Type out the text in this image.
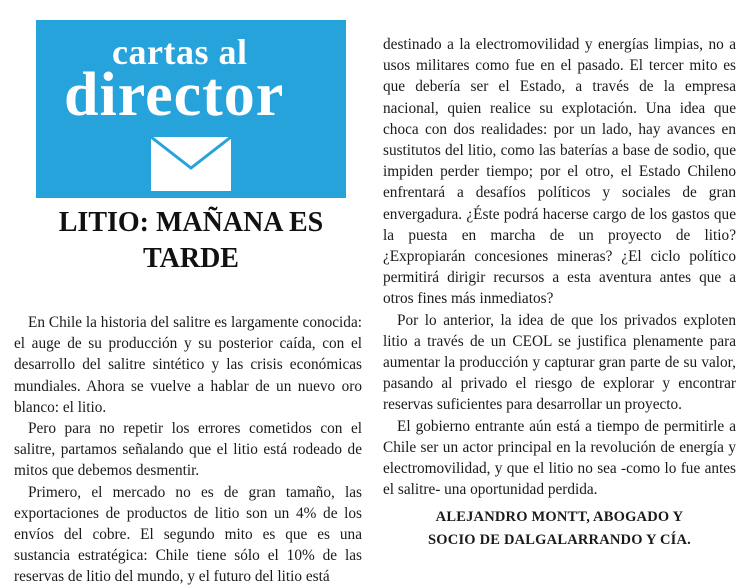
cartas al
director
LITIO: MAÑANA ES TARDE

En Chile la historia del salitre es largamente conocida: el auge de su producción y su posterior caída, con el desarrollo del salitre sintético y las crisis económicas mundiales. Ahora se vuelve a hablar de un nuevo oro blanco: el litio.

Pero para no repetir los errores cometidos con el salitre, partamos señalando que el litio está rodeado de mitos que debemos desmentir.

Primero, el mercado no es de gran tamaño, las exportaciones de productos de litio son un 4% de los envíos del cobre. El segundo mito es que es una sustancia estratégica: Chile tiene sólo el 10% de las reservas de litio del mundo, y el futuro del litio está

destinado a la electromovilidad y energías limpias, no a usos militares como fue en el pasado. El tercer mito es que debería ser el Estado, a través de la empresa nacional, quien realice su explotación. Una idea que choca con dos realidades: por un lado, hay avances en sustitutos del litio, como las baterías a base de sodio, que impiden perder tiempo; por el otro, el Estado Chileno enfrentará a desafíos políticos y sociales de gran envergadura. ¿Éste podrá hacerse cargo de los gastos que la puesta en marcha de un proyecto de litio? ¿Expropiarán concesiones mineras? ¿El ciclo político permitirá dirigir recursos a esta aventura antes que a otros fines más inmediatos?

Por lo anterior, la idea de que los privados exploten litio a través de un CEOL se justifica plenamente para aumentar la producción y capturar gran parte de su valor, pasando al privado el riesgo de explorar y encontrar reservas suficientes para desarrollar un proyecto.

El gobierno entrante aún está a tiempo de permitirle a Chile ser un actor principal en la revolución de energía y electromovilidad, y que el litio no sea -como lo fue antes el salitre- una oportunidad perdida.

ALEJANDRO MONTT, ABOGADO Y
SOCIO DE DALGALARRANDO Y CÍA.
